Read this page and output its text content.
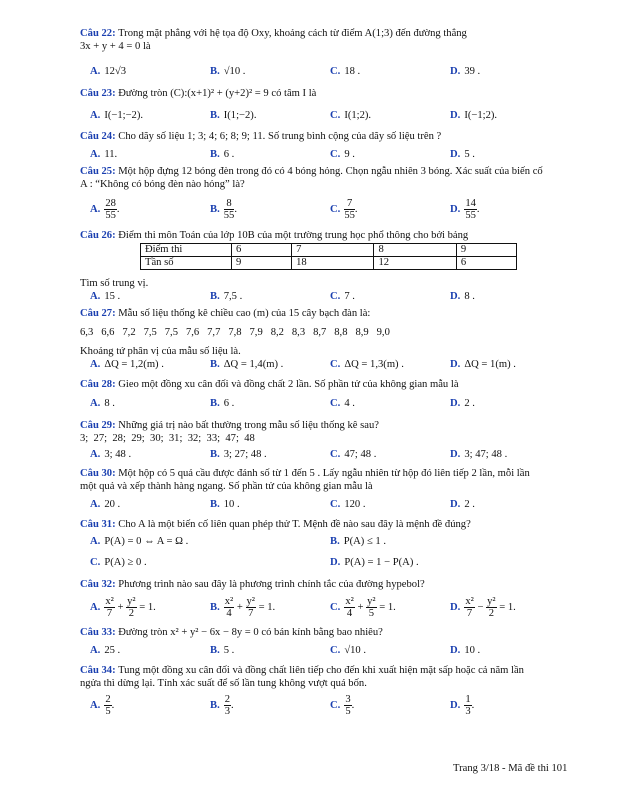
Câu 22: Trong mặt phẳng với hệ tọa độ Oxy, khoảng cách từ điểm A(1;3) đến đường thẳng
3x + y + 4 = 0 là
A. 12√3	B. √10 .	C. 18 .	D. 39 .
Câu 23: Đường tròn (C):(x+1)² + (y+2)² = 9 có tâm I là
A. I(−1;−2).	B. I(1;−2).	C. I(1;2).	D. I(−1;2).
Câu 24: Cho dãy số liệu 1; 3; 4; 6; 8; 9; 11. Số trung bình cộng của dãy số liệu trên ?
A. 11.	B. 6 .	C. 9 .	D. 5 .
Câu 25: Một hộp đựng 12 bóng đèn trong đó có 4 bóng hỏng. Chọn ngẫu nhiên 3 bóng. Xác suất của biến cố A : “Không có bóng đèn nào hỏng” là?
A. $\frac{28}{55}$ .	B. $\frac{8}{55}$ .	C. $\frac{7}{55}$ .	D. $\frac{14}{55}$ .
Câu 26: Điểm thi môn Toán của lớp 10B của một trường trung học phổ thông cho bởi bảng
Điểm thi	6	7	8	9
Tần số	9	18	12	6
Tìm số trung vị.
A. 15 .	B. 7,5 .	C. 7 .	D. 8 .
Câu 27: Mẫu số liệu thống kê chiều cao (m) của 15 cây bạch đàn là:
6,3   6,6   7,2   7,5   7,5   7,6   7,7   7,8   7,9   8,2   8,3   8,7   8,8   8,9   9,0
Khoảng tứ phân vị của mẫu số liệu là.
A. ΔQ = 1,2(m) .	B. ΔQ = 1,4(m) .	C. ΔQ = 1,3(m) .	D. ΔQ = 1(m) .
Câu 28: Gieo một đồng xu cân đối và đồng chất 2 lần. Số phần tử của không gian mẫu là
A. 8 .	B. 6 .	C. 4 .	D. 2 .
Câu 29: Những giá trị nào bất thường trong mẫu số liệu thống kê sau?
3;  27;  28;  29;  30;  31;  32;  33;  47;  48
A. 3; 48 .	B. 3; 27; 48 .	C. 47; 48 .	D. 3; 47; 48 .
Câu 30: Một hộp có 5 quả cầu được đánh số từ 1 đến 5 . Lấy ngẫu nhiên từ hộp đó liên tiếp 2 lần, mỗi lần một quả và xếp thành hàng ngang. Số phần tử của không gian mẫu là
A. 20 .	B. 10 .	C. 120 .	D. 2 .
Câu 31: Cho A là một biến cố liên quan phép thử T. Mệnh đề nào sau đây là mệnh đề đúng?
A. P(A) = 0 ⇔ A = Ω .	B. P(A) ≤ 1 .
C. P(A) ≥ 0 .	D. P(A) = 1 − P(A) .
Câu 32: Phương trình nào sau đây là phương trình chính tắc của đường hypebol?
A. $\frac{\text{x²}}{7} + \frac{\text{y²}}{2} = 1$.	B. $\frac{\text{x²}}{4} + \frac{\text{y²}}{7} = 1$.	C. $\frac{\text{x²}}{4} + \frac{\text{y²}}{5} = 1$.	D. $\frac{\text{x²}}{7} - \frac{\text{y²}}{2} = 1$.
Câu 33: Đường tròn x² + y² − 6x − 8y = 0 có bán kính bằng bao nhiêu?
A. 25 .	B. 5 .	C. √10 .	D. 10 .
Câu 34: Tung một đồng xu cân đối và đồng chất liên tiếp cho đến khi xuất hiện mặt sấp hoặc cả năm lần ngửa thì dừng lại. Tính xác suất để số lần tung không vượt quá bốn.
A. $\frac{2}{5}$ .	B. $\frac{2}{3}$ .	C. $\frac{3}{5}$ .	D. $\frac{1}{3}$ .
Trang 3/18 - Mã đề thi 101
